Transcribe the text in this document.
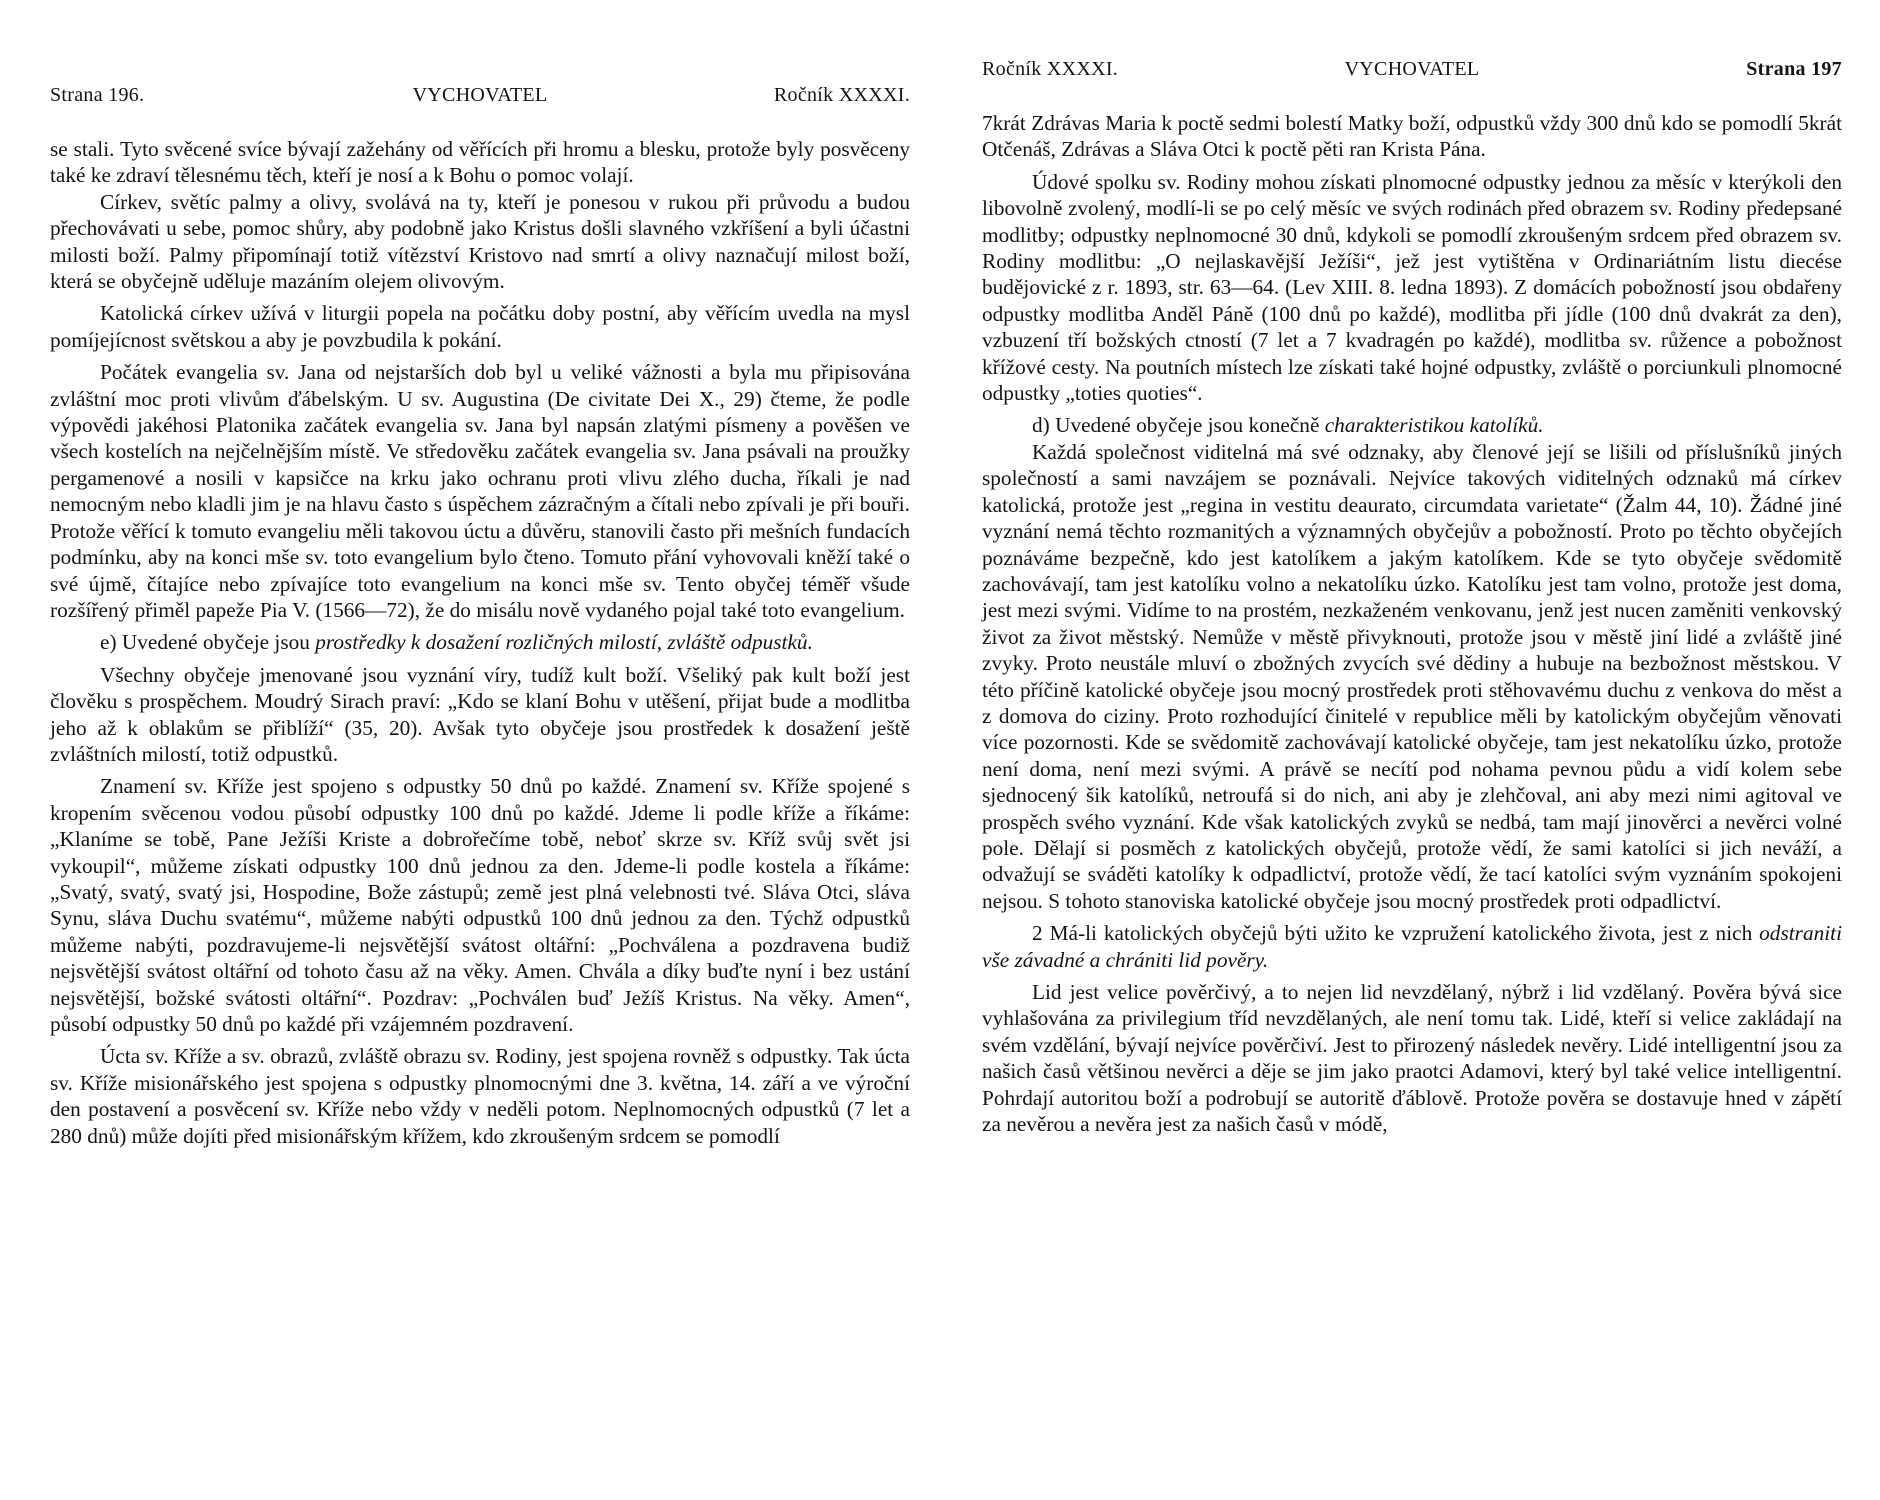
Strana 196.	VYCHOVATEL	Ročník XXXXI.

se stali. Tyto svěcené svíce bývají zažehány od věřících při hromu a blesku, protože byly posvěceny také ke zdraví tělesnému těch, kteří je nosí a k Bohu o pomoc volají.

Církev, světíc palmy a olivy, svolává na ty, kteří je ponesou v rukou při průvodu a budou přechovávati u sebe, pomoc shůry, aby podobně jako Kristus došli slavného vzkříšení a byli účastni milosti boží. Palmy připomínají totiž vítězství Kristovo nad smrtí a olivy naznačují milost boží, která se obyčejně uděluje mazáním olejem olivovým.

Katolická církev užívá v liturgii popela na počátku doby postní, aby věřícím uvedla na mysl pomíjejícnost světskou a aby je povzbudila k pokání.

Počátek evangelia sv. Jana od nejstarších dob byl u veliké vážnosti a byla mu připisována zvláštní moc proti vlivům ďábelským. U sv. Augustina (De civitate Dei X., 29) čteme, že podle výpovědi jakéhosi Platonika začátek evangelia sv. Jana byl napsán zlatými písmeny a pověšen ve všech kostelích na nejčelnějším místě. Ve středověku začátek evangelia sv. Jana psávali na proužky pergamenové a nosili v kapsičce na krku jako ochranu proti vlivu zlého ducha, říkali je nad nemocným nebo kladli jim je na hlavu často s úspěchem zázračným a čítali nebo zpívali je při bouři. Protože věřící k tomuto evangeliu měli takovou úctu a důvěru, stanovili často při mešních fundacích podmínku, aby na konci mše sv. toto evangelium bylo čteno. Tomuto přání vyhovovali kněží také o své újmě, čítajíce nebo zpívajíce toto evangelium na konci mše sv. Tento obyčej téměř všude rozšířený přiměl papeže Pia V. (1566—72), že do misálu nově vydaného pojal také toto evangelium.

e) Uvedené obyčeje jsou prostředky k dosažení rozličných milostí, zvláště odpustků.

Všechny obyčeje jmenované jsou vyznání víry, tudíž kult boží. Všeliký pak kult boží jest člověku s prospěchem. Moudrý Sirach praví: „Kdo se klaní Bohu v utěšení, přijat bude a modlitba jeho až k oblakům se přiblíží“ (35, 20). Avšak tyto obyčeje jsou prostředek k dosažení ještě zvláštních milostí, totiž odpustků.

Znamení sv. Kříže jest spojeno s odpustky 50 dnů po každé. Znamení sv. Kříže spojené s kropením svěcenou vodou působí odpustky 100 dnů po každé. Jdeme li podle kříže a říkáme: „Klaníme se tobě, Pane Ježíši Kriste a dobrořečíme tobě, neboť skrze sv. Kříž svůj svět jsi vykoupil“, můžeme získati odpustky 100 dnů jednou za den. Jdeme-li podle kostela a říkáme: „Svatý, svatý, svatý jsi, Hospodine, Bože zástupů; země jest plná velebnosti tvé. Sláva Otci, sláva Synu, sláva Duchu svatému“, můžeme nabýti odpustků 100 dnů jednou za den. Týchž odpustků můžeme nabýti, pozdravujeme-li nejsvětější svátost oltářní: „Pochválena a pozdravena budiž nejsvětější svátost oltářní od tohoto času až na věky. Amen. Chvála a díky buďte nyní i bez ustání nejsvětější, božské svátosti oltářní“. Pozdrav: „Pochválen buď Ježíš Kristus. Na věky. Amen“, působí odpustky 50 dnů po každé při vzájemném pozdravení.

Úcta sv. Kříže a sv. obrazů, zvláště obrazu sv. Rodiny, jest spojena rovněž s odpustky. Tak úcta sv. Kříže misionářského jest spojena s odpustky plnomocnými dne 3. května, 14. září a ve výroční den postavení a posvěcení sv. Kříže nebo vždy v neděli potom. Neplnomocných odpustků (7 let a 280 dnů) může dojíti před misionářským křížem, kdo zkroušeným srdcem se pomodlí

Ročník XXXXI.	VYCHOVATEL	Strana 197

7krát Zdrávas Maria k poctě sedmi bolestí Matky boží, odpustků vždy 300 dnů kdo se pomodlí 5krát Otčenáš, Zdrávas a Sláva Otci k poctě pěti ran Krista Pána.

Údové spolku sv. Rodiny mohou získati plnomocné odpustky jednou za měsíc v kterýkoli den libovolně zvolený, modlí-li se po celý měsíc ve svých rodinách před obrazem sv. Rodiny předepsané modlitby; odpustky neplnomocné 30 dnů, kdykoli se pomodlí zkroušeným srdcem před obrazem sv. Rodiny modlitbu: „O nejlaskavější Ježíši“, jež jest vytištěna v Ordinariátním listu diecése budějovické z r. 1893, str. 63—64. (Lev XIII. 8. ledna 1893). Z domácích pobožností jsou obdařeny odpustky modlitba Anděl Páně (100 dnů po každé), modlitba při jídle (100 dnů dvakrát za den), vzbuzení tří božských ctností (7 let a 7 kvadragén po každé), modlitba sv. růžence a pobožnost křížové cesty. Na poutních místech lze získati také hojné odpustky, zvláště o porciunkuli plnomocné odpustky „toties quoties“.

d) Uvedené obyčeje jsou konečně charakteristikou katolíků.

Každá společnost viditelná má své odznaky, aby členové její se lišili od příslušníků jiných společností a sami navzájem se poznávali. Nejvíce takových viditelných odznaků má církev katolická, protože jest „regina in vestitu deaurato, circumdata varietate“ (Žalm 44, 10). Žádné jiné vyznání nemá těchto rozmanitých a významných obyčejův a pobožností. Proto po těchto obyčejích poznáváme bezpečně, kdo jest katolíkem a jakým katolíkem. Kde se tyto obyčeje svědomitě zachovávají, tam jest katolíku volno a nekatolíku úzko. Katolíku jest tam volno, protože jest doma, jest mezi svými. Vidíme to na prostém, nezkaženém venkovanu, jenž jest nucen zaměniti venkovský život za život městský. Nemůže v městě přivyknouti, protože jsou v městě jiní lidé a zvláště jiné zvyky. Proto neustále mluví o zbožných zvycích své dědiny a hubuje na bezbožnost městskou. V této příčině katolické obyčeje jsou mocný prostředek proti stěhovavému duchu z venkova do měst a z domova do ciziny. Proto rozhodující činitelé v republice měli by katolickým obyčejům věnovati více pozornosti. Kde se svědomitě zachovávají katolické obyčeje, tam jest nekatolíku úzko, protože není doma, není mezi svými. A právě se necítí pod nohama pevnou půdu a vidí kolem sebe sjednocený šik katolíků, netroufá si do nich, ani aby je zlehčoval, ani aby mezi nimi agitoval ve prospěch svého vyznání. Kde však katolických zvyků se nedbá, tam mají jinověrci a nevěrci volné pole. Dělají si posměch z katolických obyčejů, protože vědí, že sami katolíci si jich neváží, a odvažují se sváděti katolíky k odpadlictví, protože vědí, že tací katolíci svým vyznáním spokojeni nejsou. S tohoto stanoviska katolické obyčeje jsou mocný prostředek proti odpadlictví.

2 Má-li katolických obyčejů býti užito ke vzpružení katolického života, jest z nich odstraniti vše závadné a chrániti lid pověry.

Lid jest velice pověrčivý, a to nejen lid nevzdělaný, nýbrž i lid vzdělaný. Pověra bývá sice vyhlašována za privilegium tříd nevzdělaných, ale není tomu tak. Lidé, kteří si velice zakládají na svém vzdělání, bývají nejvíce pověrčiví. Jest to přirozený následek nevěry. Lidé intelligentní jsou za našich časů většinou nevěrci a děje se jim jako praotci Adamovi, který byl také velice intelligentní. Pohrdají autoritou boží a podrobují se autoritě ďáblově. Protože pověra se dostavuje hned v zápětí za nevěrou a nevěra jest za našich časů v módě,
